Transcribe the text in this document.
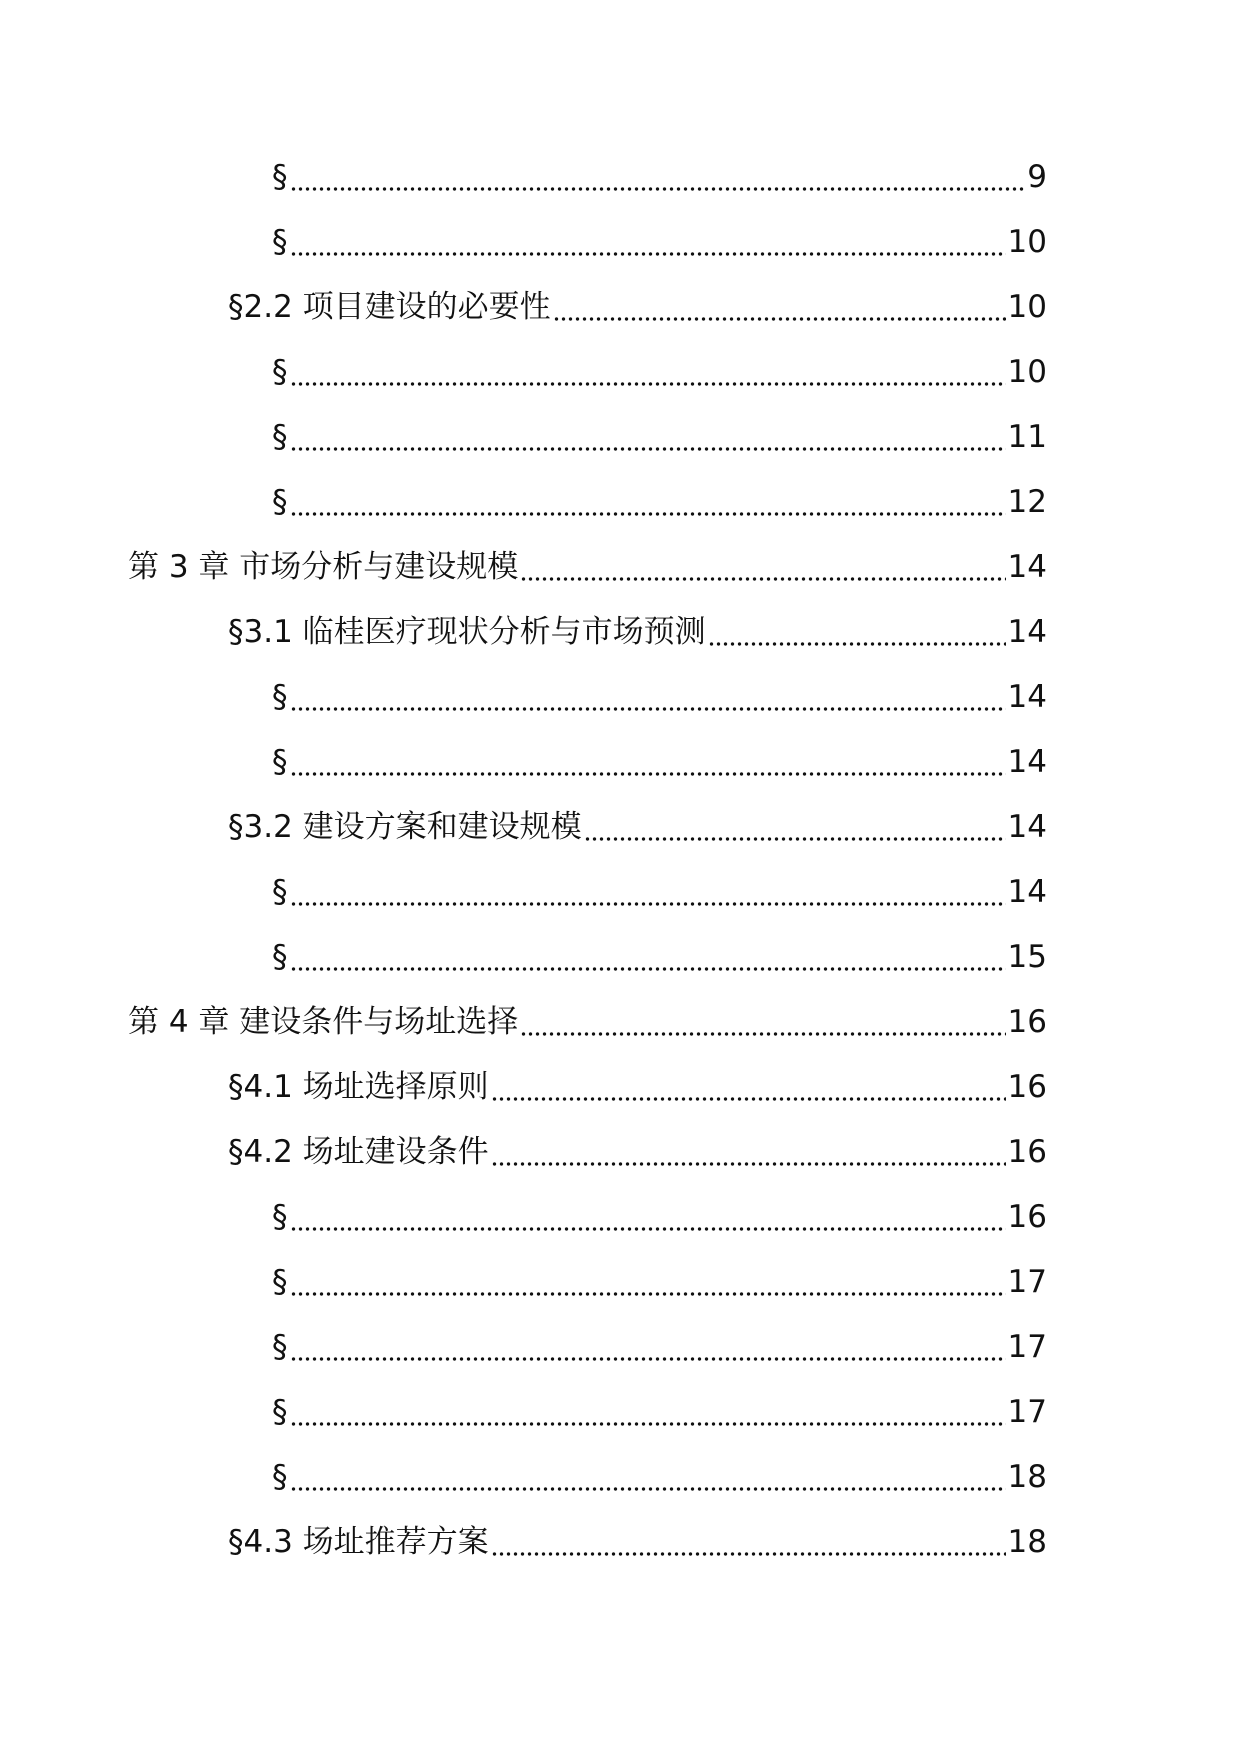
§	9
§	10
§2.2 项目建设的必要性	10
§	10
§	11
§	12
第 3 章 市场分析与建设规模	14
§3.1 临桂医疗现状分析与市场预测	14
§	14
§	14
§3.2 建设方案和建设规模	14
§	14
§	15
第 4 章 建设条件与场址选择	16
§4.1 场址选择原则	16
§4.2 场址建设条件	16
§	16
§	17
§	17
§	17
§	18
§4.3 场址推荐方案	18
